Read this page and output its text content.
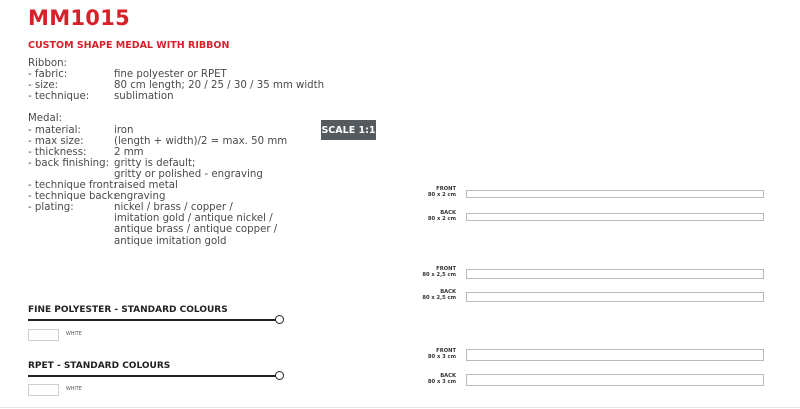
MM1015
CUSTOM SHAPE MEDAL WITH RIBBON
Ribbon:
- fabric:	fine polyester or RPET
- size:	80 cm length; 20 / 25 / 30 / 35 mm width
- technique:	sublimation
Medal:
- material:	iron
- max size:	(length + width)/2 = max. 50 mm
- thickness:	2 mm
- back finishing: gritty is default;
gritty or polished - engraving
- technique front:
raised metal
- technique back:
engraving
- plating:	nickel / brass / copper /
imitation gold / antique nickel /
antique brass / antique copper /
antique imitation gold
SCALE 1:1
FINE POLYESTER - STANDARD COLOURS
WHITE
RPET - STANDARD COLOURS
WHITE
FRONT
80 x 2 cm
BACK
80 x 2 cm
FRONT
80 x 2,5 cm
BACK
80 x 2,5 cm
FRONT
80 x 3 cm
BACK
80 x 3 cm
